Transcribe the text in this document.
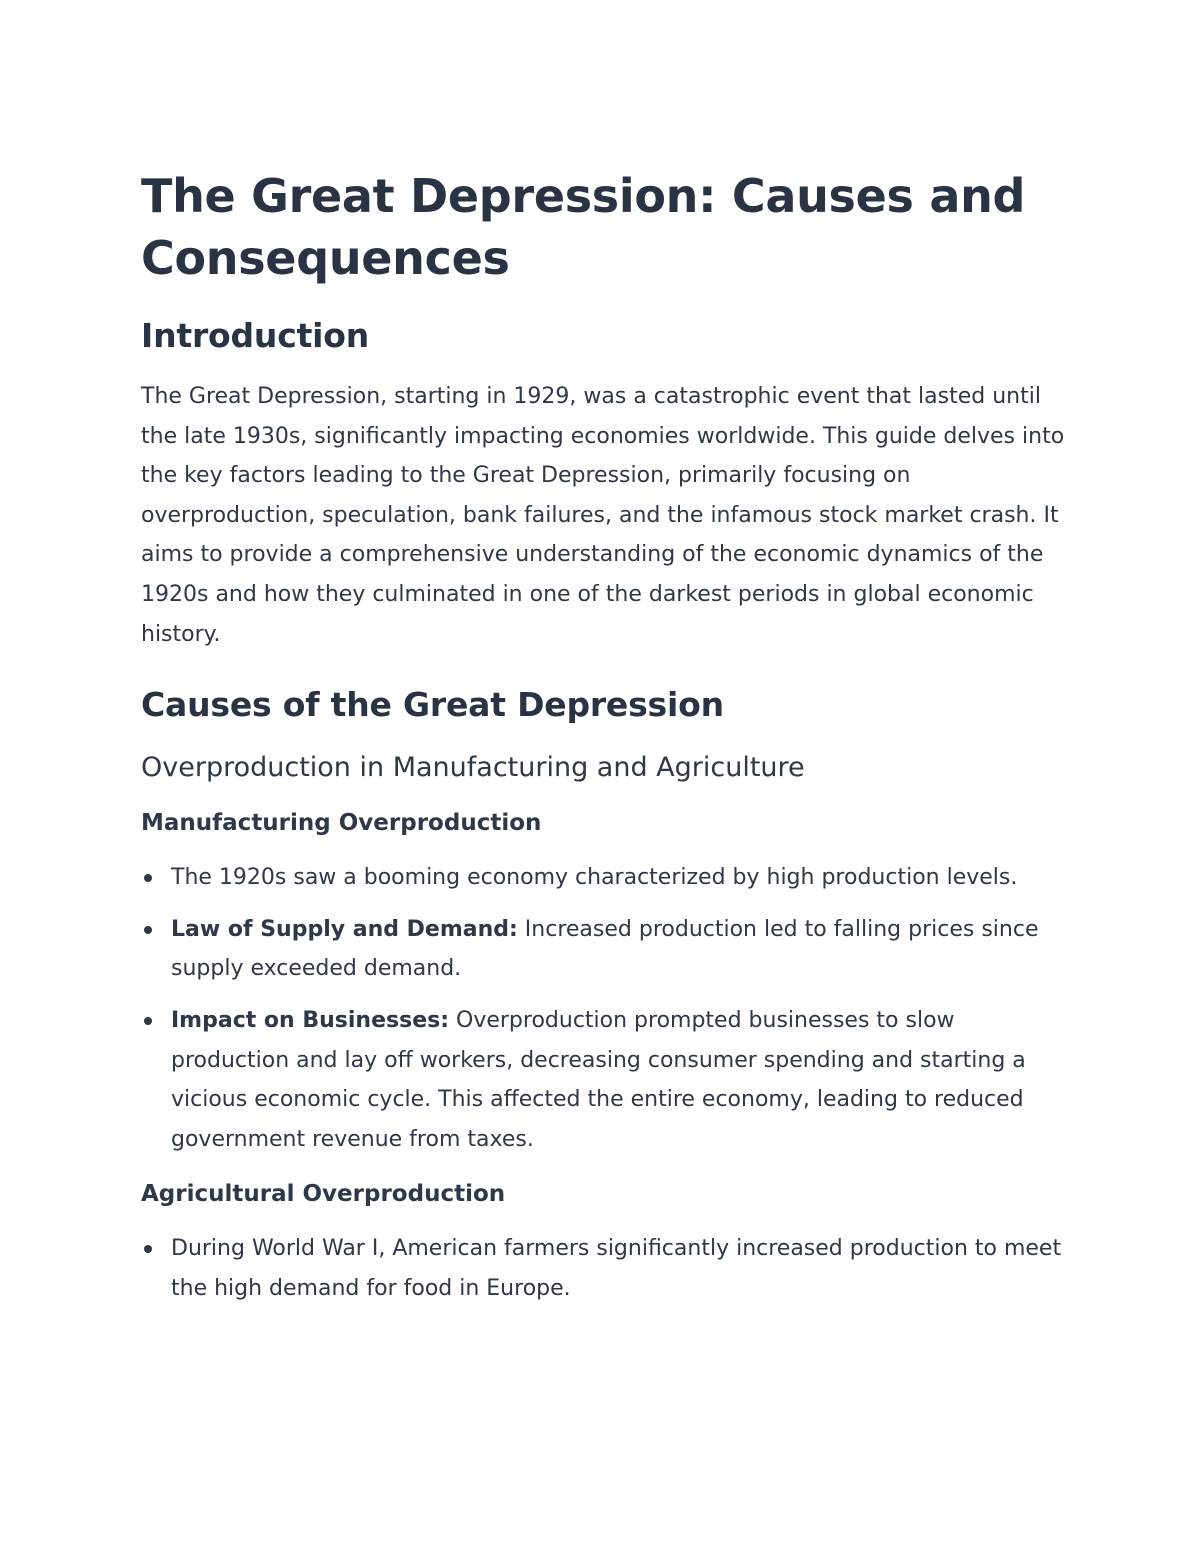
The Great Depression: Causes and Consequences
Introduction

The Great Depression, starting in 1929, was a catastrophic event that lasted until the late 1930s, significantly impacting economies worldwide. This guide delves into the key factors leading to the Great Depression, primarily focusing on overproduction, speculation, bank failures, and the infamous stock market crash. It aims to provide a comprehensive understanding of the economic dynamics of the 1920s and how they culminated in one of the darkest periods in global economic history.

Causes of the Great Depression
Overproduction in Manufacturing and Agriculture
Manufacturing Overproduction
The 1920s saw a booming economy characterized by high production levels.
Law of Supply and Demand: Increased production led to falling prices since supply exceeded demand.
Impact on Businesses: Overproduction prompted businesses to slow production and lay off workers, decreasing consumer spending and starting a vicious economic cycle. This affected the entire economy, leading to reduced government revenue from taxes.
Agricultural Overproduction
During World War I, American farmers significantly increased production to meet the high demand for food in Europe.
